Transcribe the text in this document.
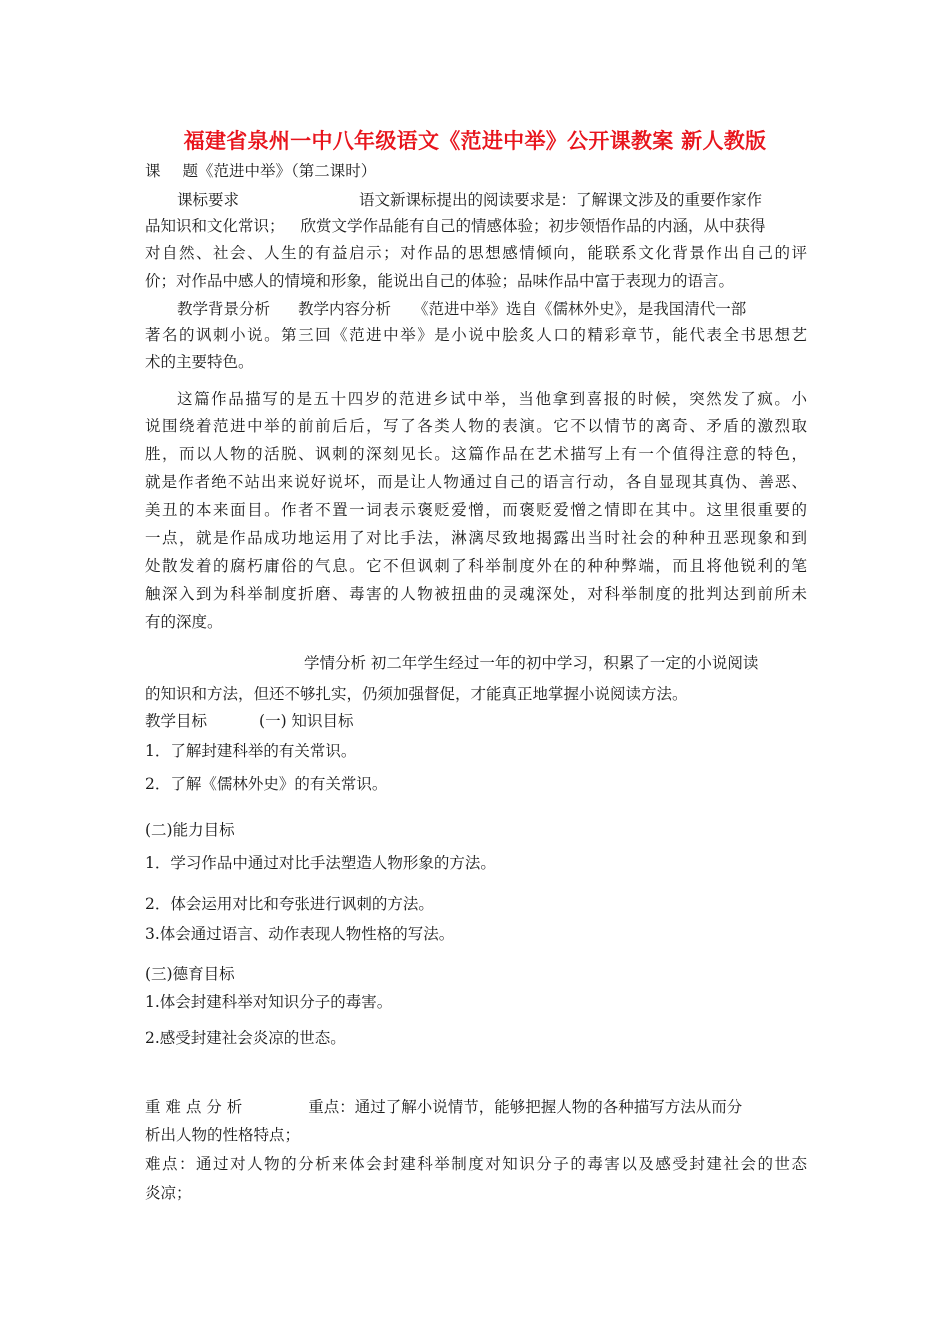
福建省泉州一中八年级语文《范进中举》公开课教案 新人教版
课 题《范进中举》（第二课时）
课标要求	语文新课标提出的阅读要求是：了解课文涉及的重要作家作
品知识和文化常识； 欣赏文学作品能有自己的情感体验；初步领悟作品的内涵，从中获得
对自然、社会、人生的有益启示；对作品的思想感情倾向，能联系文化背景作出自己的评
价；对作品中感人的情境和形象，能说出自己的体验；品味作品中富于表现力的语言。
教学背景分析 教学内容分析 《范进中举》选自《儒林外史》，是我国清代一部
著名的讽刺小说。第三回《范进中举》是小说中脍炙人口的精彩章节，能代表全书思想艺
术的主要特色。
这篇作品描写的是五十四岁的范进乡试中举，当他拿到喜报的时候，突然发了疯。小
说围绕着范进中举的前前后后，写了各类人物的表演。它不以情节的离奇、矛盾的激烈取
胜，而以人物的活脱、讽刺的深刻见长。这篇作品在艺术描写上有一个值得注意的特色，
就是作者绝不站出来说好说坏，而是让人物通过自己的语言行动，各自显现其真伪、善恶、
美丑的本来面目。作者不置一词表示褒贬爱憎，而褒贬爱憎之情即在其中。这里很重要的
一点，就是作品成功地运用了对比手法，淋漓尽致地揭露出当时社会的种种丑恶现象和到
处散发着的腐朽庸俗的气息。它不但讽刺了科举制度外在的种种弊端，而且将他锐利的笔
触深入到为科举制度折磨、毒害的人物被扭曲的灵魂深处，对科举制度的批判达到前所未
有的深度。
学情分析 初二年学生经过一年的初中学习，积累了一定的小说阅读
的知识和方法，但还不够扎实，仍须加强督促，才能真正地掌握小说阅读方法。
教学目标	(一) 知识目标
1．了解封建科举的有关常识。
2．了解《儒林外史》的有关常识。
(二)能力目标
1．学习作品中通过对比手法塑造人物形象的方法。
2．体会运用对比和夸张进行讽刺的方法。
3.体会通过语言、动作表现人物性格的写法。
(三)德育目标
1.体会封建科举对知识分子的毒害。
2.感受封建社会炎凉的世态。
重 难 点 分 析	重点：通过了解小说情节，能够把握人物的各种描写方法从而分
析出人物的性格特点；
难点：通过对人物的分析来体会封建科举制度对知识分子的毒害以及感受封建社会的世态
炎凉；
